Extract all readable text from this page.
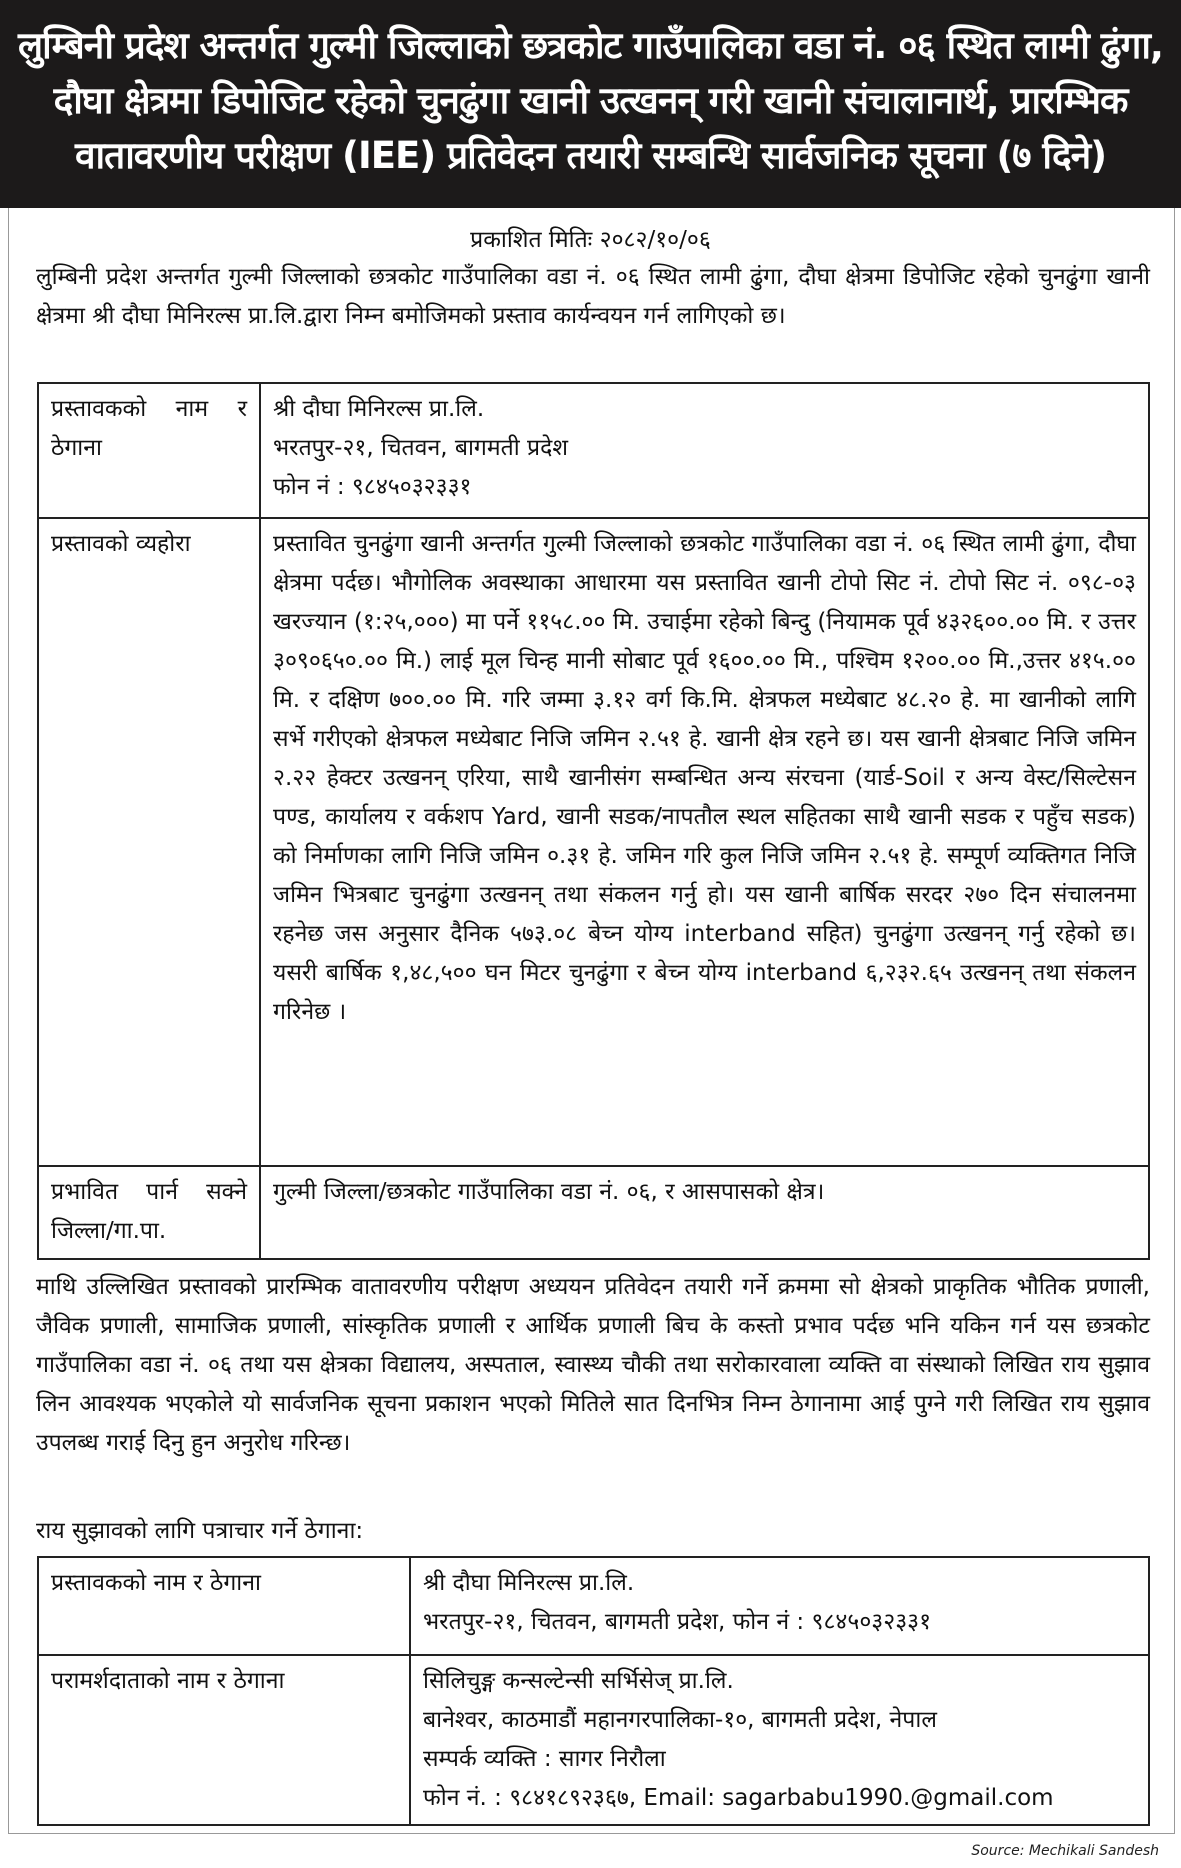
लुम्बिनी प्रदेश अन्तर्गत गुल्मी जिल्लाको छत्रकोट गाउँपालिका वडा नं. ०६ स्थित लामी ढुंगा,
दौघा क्षेत्रमा डिपोजिट रहेको चुनढुंगा खानी उत्खनन् गरी खानी संचालानार्थ, प्रारम्भिक
वातावरणीय परीक्षण (IEE) प्रतिवेदन तयारी सम्बन्धि सार्वजनिक सूचना (७ दिने)
प्रकाशित मितिः २०८२/१०/०६
लुम्बिनी प्रदेश अन्तर्गत गुल्मी जिल्लाको छत्रकोट गाउँपालिका वडा नं. ०६ स्थित लामी ढुंगा, दौघा क्षेत्रमा डिपोजिट रहेको चुनढुंगा खानी क्षेत्रमा श्री दौघा मिनिरल्स प्रा.लि.द्वारा निम्न बमोजिमको प्रस्ताव कार्यन्वयन गर्न लागिएको छ।
प्रस्तावकको नाम र ठेगाना	श्री दौघा मिनिरल्स प्रा.लि.
भरतपुर-२१, चितवन, बागमती प्रदेश
फोन नं : ९८४५०३२३३१

प्रस्तावको व्यहोरा	प्रस्तावित चुनढुंगा खानी अन्तर्गत गुल्मी जिल्लाको छत्रकोट गाउँपालिका वडा नं. ०६ स्थित लामी ढुंगा, दौघा क्षेत्रमा पर्दछ। भौगोलिक अवस्थाका आधारमा यस प्रस्तावित खानी टोपो सिट नं. टोपो सिट नं. ०९८-०३ खरज्यान (१:२५,०००) मा पर्ने ११५८.०० मि. उचाईमा रहेको बिन्दु (नियामक पूर्व ४३२६००.०० मि. र उत्तर ३०९०६५०.०० मि.) लाई मूल चिन्ह मानी सोबाट पूर्व १६००.०० मि., पश्चिम १२००.०० मि.,उत्तर ४१५.०० मि. र दक्षिण ७००.०० मि. गरि जम्मा ३.१२ वर्ग कि.मि. क्षेत्रफल मध्येबाट ४८.२० हे. मा खानीको लागि सर्भे गरीएको क्षेत्रफल मध्येबाट निजि जमिन २.५१ हे. खानी क्षेत्र रहने छ। यस खानी क्षेत्रबाट निजि जमिन २.२२ हेक्टर उत्खनन् एरिया, साथै खानीसंग सम्बन्धित अन्य संरचना (यार्ड-Soil र अन्य वेस्ट/सिल्टेसन पण्ड, कार्यालय र वर्कशप Yard, खानी सडक/नापतौल स्थल सहितका साथै खानी सडक र पहुँच सडक) को निर्माणका लागि निजि जमिन ०.३१ हे. जमिन गरि कुल निजि जमिन २.५१ हे. सम्पूर्ण व्यक्तिगत निजि जमिन भित्रबाट चुनढुंगा उत्खनन् तथा संकलन गर्नु हो। यस खानी बार्षिक सरदर २७० दिन संचालनमा रहनेछ जस अनुसार दैनिक ५७३.०८ बेच्न योग्य interband सहित) चुनढुंगा उत्खनन् गर्नु रहेको छ। यसरी बार्षिक १,४८,५०० घन मिटर चुनढुंगा र बेच्न योग्य interband ६,२३२.६५ उत्खनन् तथा संकलन गरिनेछ ।

प्रभावित पार्न सक्ने जिल्ला/गा.पा.	गुल्मी जिल्ला/छत्रकोट गाउँपालिका वडा नं. ०६, र आसपासको क्षेत्र।
माथि उल्लिखित प्रस्तावको प्रारम्भिक वातावरणीय परीक्षण अध्ययन प्रतिवेदन तयारी गर्ने क्रममा सो क्षेत्रको प्राकृतिक भौतिक प्रणाली, जैविक प्रणाली, सामाजिक प्रणाली, सांस्कृतिक प्रणाली र आर्थिक प्रणाली बिच के कस्तो प्रभाव पर्दछ भनि यकिन गर्न यस छत्रकोट गाउँपालिका वडा नं. ०६ तथा यस क्षेत्रका विद्यालय, अस्पताल, स्वास्थ्य चौकी तथा सरोकारवाला व्यक्ति वा संस्थाको लिखित राय सुझाव लिन आवश्यक भएकोले यो सार्वजनिक सूचना प्रकाशन भएको मितिले सात दिनभित्र निम्न ठेगानामा आई पुग्ने गरी लिखित राय सुझाव उपलब्ध गराई दिनु हुन अनुरोध गरिन्छ।
राय सुझावको लागि पत्राचार गर्ने ठेगाना:
प्रस्तावकको नाम र ठेगाना	श्री दौघा मिनिरल्स प्रा.लि.
भरतपुर-२१, चितवन, बागमती प्रदेश, फोन नं : ९८४५०३२३३१

परामर्शदाताको नाम र ठेगाना	सिलिचुङ्ग कन्सल्टेन्सी सर्भिसेज् प्रा.लि.
बानेश्वर, काठमाडौं महानगरपालिका-१०, बागमती प्रदेश, नेपाल
सम्पर्क व्यक्ति : सागर निरौला
फोन नं. : ९८४१८९२३६७, Email: sagarbabu1990.@gmail.com
Source: Mechikali Sandesh
